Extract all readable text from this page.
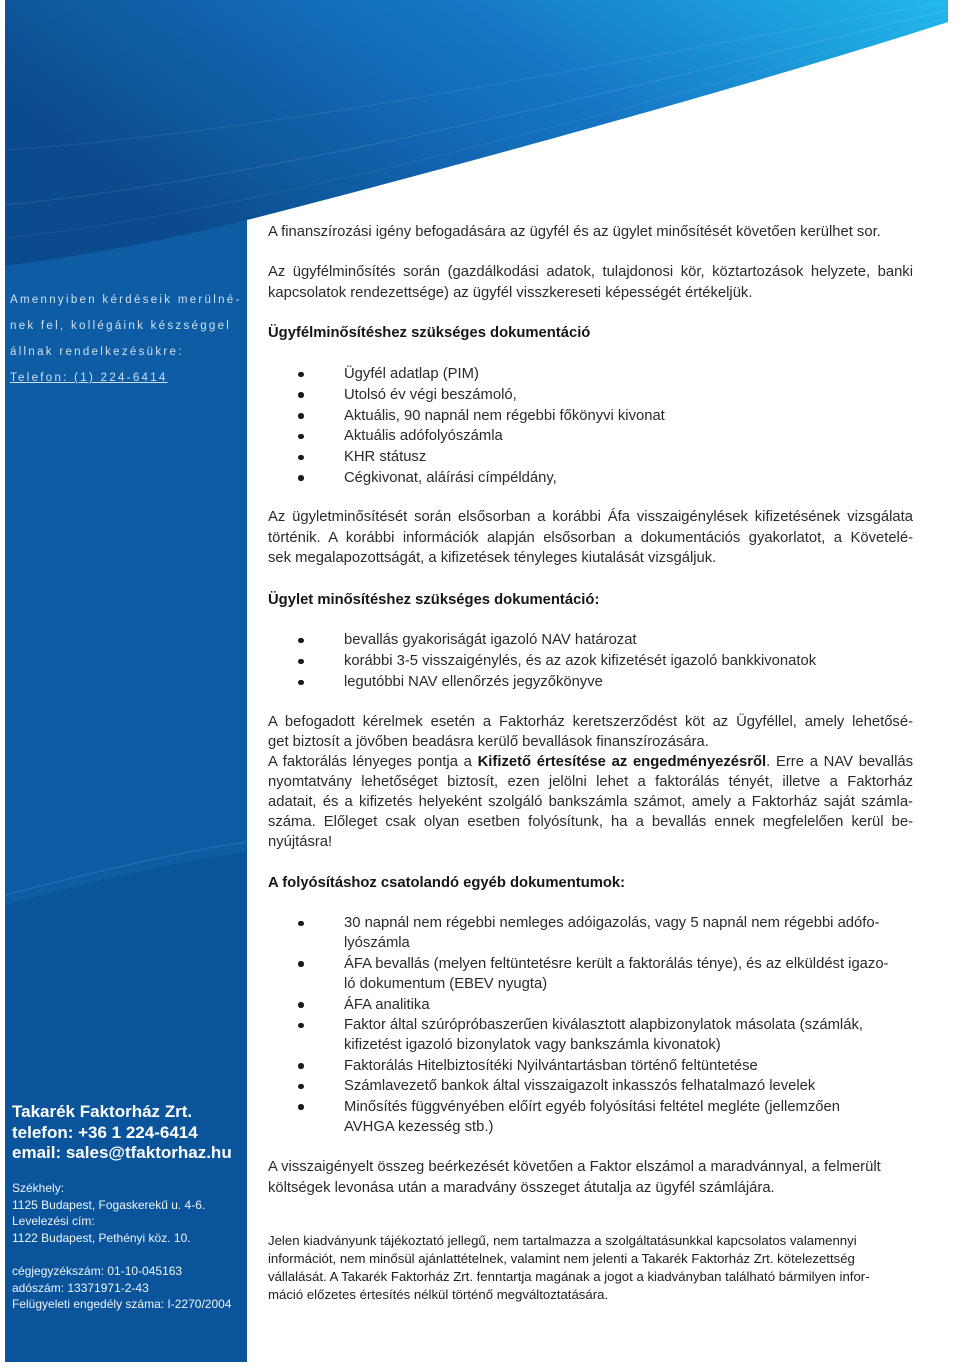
Amennyiben kérdéseik merülné-
nek fel, kollégáink készséggel
állnak rendelkezésükre:
Telefon: (1) 224-6414
Takarék Faktorház Zrt.
telefon: +36 1 224-6414
email: sales@tfaktorhaz.hu
Székhely:
1125 Budapest, Fogaskerekű u. 4-6.
Levelezési cím:
1122 Budapest, Pethényi köz. 10.
cégjegyzékszám: 01-10-045163
adószám: 13371971-2-43
Felügyeleti engedély száma: I-2270/2004
A finanszírozási igény befogadására az ügyfél és az ügylet minősítését követően kerülhet sor.
Az ügyfélminősítés során (gazdálkodási adatok, tulajdonosi kör, köztartozások helyzete, banki
kapcsolatok rendezettsége) az ügyfél visszkereseti képességét értékeljük.
Ügyfélminősítéshez szükséges dokumentáció
Ügyfél adatlap (PIM)
Utolsó év végi beszámoló,
Aktuális, 90 napnál nem régebbi főkönyvi kivonat
Aktuális adófolyószámla
KHR státusz
Cégkivonat, aláírási címpéldány,
Az ügyletminősítését során elsősorban a korábbi Áfa visszaigénylések kifizetésének vizsgálata
történik. A korábbi információk alapján elsősorban a dokumentációs gyakorlatot, a Követelé-
sek megalapozottságát, a kifizetések tényleges kiutalását vizsgáljuk.
Ügylet minősítéshez szükséges dokumentáció:
bevallás gyakoriságát igazoló NAV határozat
korábbi 3-5 visszaigénylés, és az azok kifizetését igazoló bankkivonatok
legutóbbi NAV ellenőrzés jegyzőkönyve
A befogadott kérelmek esetén a Faktorház keretszerződést köt az Ügyféllel, amely lehetősé-
get biztosít a jövőben beadásra kerülő bevallások finanszírozására.
A faktorálás lényeges pontja a Kifizető értesítése az engedményezésről. Erre a NAV bevallás
nyomtatvány lehetőséget biztosít, ezen jelölni lehet a faktorálás tényét, illetve a Faktorház
adatait, és a kifizetés helyeként szolgáló bankszámla számot, amely a Faktorház saját számla-
száma. Előleget csak olyan esetben folyósítunk, ha a bevallás ennek megfelelően kerül be-
nyújtásra!
A folyósításhoz csatolandó egyéb dokumentumok:
30 napnál nem régebbi nemleges adóigazolás, vagy 5 napnál nem régebbi adófo-
lyószámla
ÁFA bevallás (melyen feltüntetésre került a faktorálás ténye), és az elküldést igazo-
ló dokumentum (EBEV nyugta)
ÁFA analitika
Faktor által szúrópróbaszerűen kiválasztott alapbizonylatok másolata (számlák,
kifizetést igazoló bizonylatok vagy bankszámla kivonatok)
Faktorálás Hitelbiztosítéki Nyilvántartásban történő feltüntetése
Számlavezető bankok által visszaigazolt inkasszós felhatalmazó levelek
Minősítés függvényében előírt egyéb folyósítási feltétel megléte (jellemzően
AVHGA kezesség stb.)
A visszaigényelt összeg beérkezését követően a Faktor elszámol a maradvánnyal, a felmerült
költségek levonása után a maradvány összeget átutalja az ügyfél számlájára.
Jelen kiadványunk tájékoztató jellegű, nem tartalmazza a szolgáltatásunkkal kapcsolatos valamennyi
információt, nem minősül ajánlattételnek, valamint nem jelenti a Takarék Faktorház Zrt. kötelezettség
vállalását. A Takarék Faktorház Zrt. fenntartja magának a jogot a kiadványban található bármilyen infor-
máció előzetes értesítés nélkül történő megváltoztatására.
